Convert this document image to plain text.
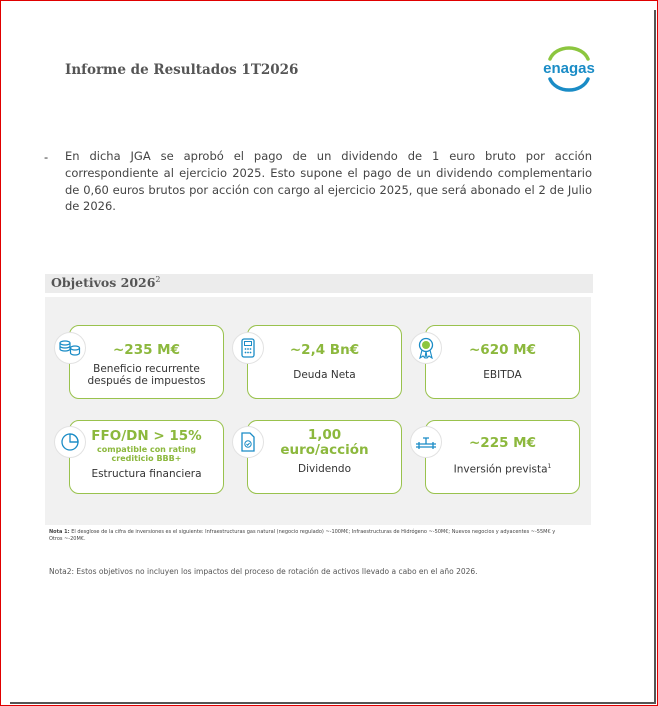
Informe de Resultados 1T2026	enagas
- En dicha JGA se aprobó el pago de un dividendo de 1 euro bruto por acción correspondiente al ejercicio 2025. Esto supone el pago de un dividendo complementario de 0,60 euros brutos por acción con cargo al ejercicio 2025, que será abonado el 2 de Julio de 2026.
Objetivos 2026$^2$
~235 M€
Beneficio recurrente después de impuestos
~2,4 Bn€
Deuda Neta
~620 M€
EBITDA
FFO/DN > 15%
compatible con rating crediticio BBB+
Estructura financiera
1,00
euro/acción
Dividendo
~225 M€
Inversión prevista$^1$
Nota 1: El desglose de la cifra de inversiones es el siguiente: Infraestructuras gas natural (negocio regulado) ~-100M€; Infraestructuras de Hidrógeno ~-50M€; Nuevos negocios y adyacentes ~-55M€ y Otros ~-20M€.
Nota2: Estos objetivos no incluyen los impactos del proceso de rotación de activos llevado a cabo en el año 2026.
